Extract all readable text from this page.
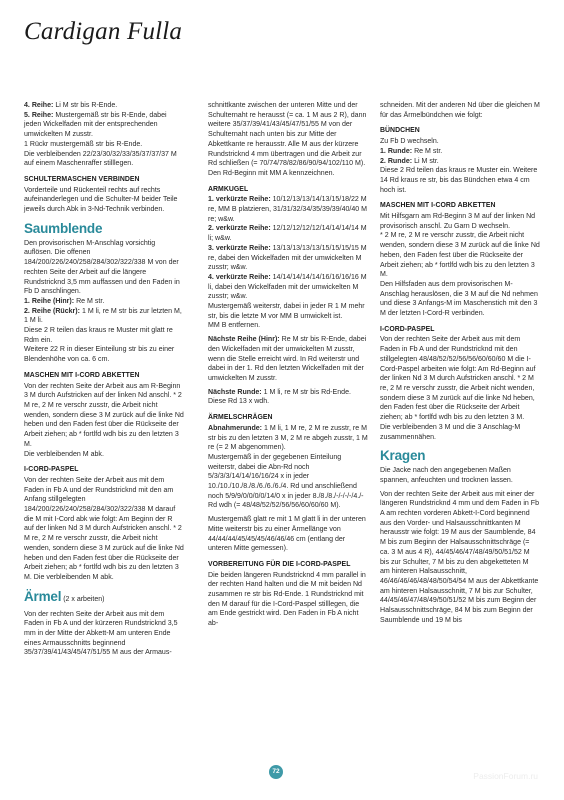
Cardigan Fulla

4. Reihe: Li M str bis R-Ende.
5. Reihe: Mustergemäß str bis R-Ende, dabei jeden Wickelfaden mit der entsprechenden umwickelten M zusstr.
1 Rückr mustergemäß str bis R-Ende.
Die verbleibenden 22/23/30/32/33/35/37/37/37 M auf einem Maschenraffer stilllegen.

SCHULTERMASCHEN VERBINDEN

Vorderteile und Rückenteil rechts auf rechts aufeinanderlegen und die Schulter-M beider Teile jeweils durch Abk in 3-Nd-Technik verbinden.

Saumblende

Den provisorischen M-Anschlag vorsichtig auflösen. Die offenen 184/200/226/240/258/284/302/322/338 M von der rechten Seite der Arbeit auf die längere Rundstricknd 3,5 mm auffassen und den Faden in Fb D anschlingen.
1. Reihe (Hinr): Re M str.
2. Reihe (Rückr): 1 M li, re M str bis zur letzten M, 1 M li.
Diese 2 R teilen das kraus re Muster mit glatt re Rdm ein.
Weitere 22 R in dieser Einteilung str bis zu einer Blendenhöhe von ca. 6 cm.

MASCHEN MIT I-CORD ABKETTEN

Von der rechten Seite der Arbeit aus am R-Beginn 3 M durch Aufstricken auf der linken Nd anschl. * 2 M re, 2 M re verschr zusstr, die Arbeit nicht wenden, sondern diese 3 M zurück auf die linke Nd heben und den Faden fest über die Rückseite der Arbeit ziehen; ab * fortlfd wdh bis zu den letzten 3 M.
Die verbleibenden M abk.

I-CORD-PASPEL

Von der rechten Seite der Arbeit aus mit dem Faden in Fb A und der Rundstricknd mit den am Anfang stillgelegten 184/200/226/240/258/284/302/322/338 M darauf die M mit I-Cord abk wie folgt: Am Beginn der R auf der linken Nd 3 M durch Aufstricken anschl. * 2 M re, 2 M re verschr zusstr, die Arbeit nicht wenden, sondern diese 3 M zurück auf die linke Nd heben und den Faden fest über die Rückseite der Arbeit ziehen; ab * fortlfd wdh bis zu den letzten 3 M. Die verbleibenden M abk.

Ärmel (2 x arbeiten)

Von der rechten Seite der Arbeit aus mit dem Faden in Fb A und der kürzeren Rundstricknd 3,5 mm in der Mitte der Abkett-M am unteren Ende eines Armausschnitts beginnend 35/37/39/41/43/45/47/51/55 M aus der Armaus-

schnittkante zwischen der unteren Mitte und der Schulternaht re herausst (= ca. 1 M aus 2 R), dann weitere 35/37/39/41/43/45/47/51/55 M von der Schulternaht nach unten bis zur Mitte der Abkettkante re herausstr. Alle M aus der kürzere Rundstricknd 4 mm übertragen und die Arbeit zur Rd schließen (= 70/74/78/82/86/90/94/102/110 M). Den Rd-Beginn mit MM A kennzeichnen.

ARMKUGEL

1. verkürzte Reihe: 10/12/13/13/14/13/15/18/22 M re, MM B platzieren, 31/31/32/34/35/39/39/40/40 M re; w&w.
2. verkürzte Reihe: 12/12/12/12/12/14/14/14/14 M li; w&w.
3. verkürzte Reihe: 13/13/13/13/13/15/15/15/15 M re, dabei den Wickelfaden mit der umwickelten M zusstr; w&w.
4. verkürzte Reihe: 14/14/14/14/14/16/16/16/16 M li, dabei den Wickelfaden mit der umwickelten M zusstr; w&w.
Mustergemäß weiterstr, dabei in jeder R 1 M mehr str, bis die letzte M vor MM B umwickelt ist.
MM B entfernen.

Nächste Reihe (Hinr): Re M str bis R-Ende, dabei den Wickelfaden mit der umwickelten M zusstr, wenn die Stelle erreicht wird. In Rd weiterstr und dabei in der 1. Rd den letzten Wickelfaden mit der umwickelten M zusstr.

Nächste Runde: 1 M li, re M str bis Rd-Ende.
Diese Rd 13 x wdh.

ÄRMELSCHRÄGEN

Abnahmerunde: 1 M li, 1 M re, 2 M re zusstr, re M str bis zu den letzten 3 M, 2 M re abgeh zusstr, 1 M re (= 2 M abgenommen).
Mustergemäß in der gegebenen Einteilung weiterstr, dabei die Abn-Rd noch 5/3/3/3/14/14/16/16/24 x in jeder 10./10./10./8./8./6./6./6./4. Rd und anschließend noch 5/9/9/0/0/0/0/14/0 x in jeder 8./8./8./-/-/-/-/4./-Rd wdh (= 48/48/52/52/56/56/60/60/60 M).

Mustergemäß glatt re mit 1 M glatt li in der unteren Mitte weiterstr bis zu einer Ärmellänge von 44/44/44/45/45/45/46/46/46 cm (entlang der unteren Mitte gemessen).

VORBEREITUNG FÜR DIE I-CORD-PASPEL

Die beiden längeren Rundstricknd 4 mm parallel in der rechten Hand halten und die M mit beiden Nd zusammen re str bis Rd-Ende. 1 Rundstricknd mit den M darauf für die I-Cord-Paspel stilllegen, die am Ende gestrickt wird. Den Faden in Fb A nicht ab-

schneiden. Mit der anderen Nd über die gleichen M für das Ärmelbündchen wie folgt:

BÜNDCHEN

Zu Fb D wechseln.
1. Runde: Re M str.
2. Runde: Li M str.
Diese 2 Rd teilen das kraus re Muster ein. Weitere 14 Rd kraus re str, bis das Bündchen etwa 4 cm hoch ist.

MASCHEN MIT I-CORD ABKETTEN

Mit Hilfsgarn am Rd-Beginn 3 M auf der linken Nd provisorisch anschl. Zu Garn D wechseln.
* 2 M re, 2 M re verschr zusstr, die Arbeit nicht wenden, sondern diese 3 M zurück auf die linke Nd heben, den Faden fest über die Rückseite der Arbeit ziehen; ab * fortlfd wdh bis zu den letzten 3 M.
Den Hilfsfaden aus dem provisorischen M-Anschlag herauslösen, die 3 M auf die Nd nehmen und diese 3 Anfangs-M im Maschenstich mit den 3 M der letzten I-Cord-R verbinden.

I-CORD-PASPEL

Von der rechten Seite der Arbeit aus mit dem Faden in Fb A und der Rundstricknd mit den stillgelegten 48/48/52/52/56/56/60/60/60 M die I-Cord-Paspel arbeiten wie folgt: Am Rd-Beginn auf der linken Nd 3 M durch Aufstricken anschl. * 2 M re, 2 M re verschr zusstr, die Arbeit nicht wenden, sondern diese 3 M zurück auf die linke Nd heben, den Faden fest über die Rückseite der Arbeit ziehen; ab * fortlfd wdh bis zu den letzten 3 M.
Die verbleibenden 3 M und die 3 Anschlag-M zusammennähen.

Kragen

Die Jacke nach den angegebenen Maßen spannen, anfeuchten und trocknen lassen.

Von der rechten Seite der Arbeit aus mit einer der längeren Rundstricknd 4 mm und dem Faden in Fb A am rechten vorderen Abkett-I-Cord beginnend aus den Vorder- und Halsausschnittkanten M herausstr wie folgt: 19 M aus der Saumblende, 84 M bis zum Beginn der Halsausschnittschräge (= ca. 3 M aus 4 R), 44/45/46/47/48/49/50/51/52 M bis zur Schulter, 7 M bis zu den abgeketteten M am hinteren Halsausschnitt, 46/46/46/46/48/48/50/54/54 M aus der Abkettkante am hinteren Halsausschnitt, 7 M bis zur Schulter, 44/45/46/47/48/49/50/51/52 M bis zum Beginn der Halsausschnittschräge, 84 M bis zum Beginn der Saumblende und 19 M bis

72	PassionForum.ru
